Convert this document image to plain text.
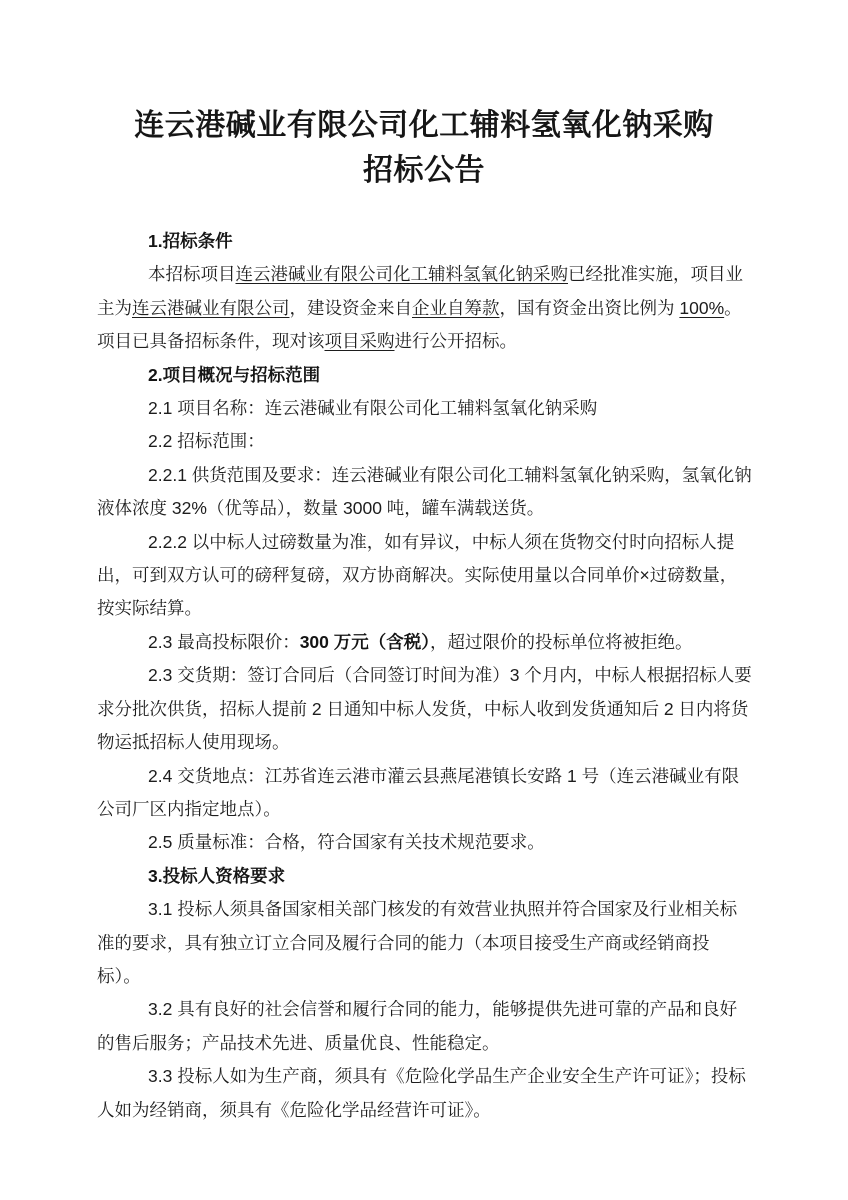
连云港碱业有限公司化工辅料氢氧化钠采购
招标公告

1.招标条件

本招标项目连云港碱业有限公司化工辅料氢氧化钠采购已经批准实施，项目业主为连云港碱业有限公司，建设资金来自企业自筹款，国有资金出资比例为 100%。项目已具备招标条件，现对该项目采购进行公开招标。

2.项目概况与招标范围

2.1 项目名称：连云港碱业有限公司化工辅料氢氧化钠采购

2.2 招标范围：

2.2.1 供货范围及要求：连云港碱业有限公司化工辅料氢氧化钠采购，氢氧化钠液体浓度 32%（优等品），数量 3000 吨，罐车满载送货。

2.2.2 以中标人过磅数量为准，如有异议，中标人须在货物交付时向招标人提出，可到双方认可的磅秤复磅，双方协商解决。实际使用量以合同单价×过磅数量，按实际结算。

2.3 最高投标限价：300 万元（含税），超过限价的投标单位将被拒绝。

2.3 交货期：签订合同后（合同签订时间为准）3 个月内，中标人根据招标人要求分批次供货，招标人提前 2 日通知中标人发货，中标人收到发货通知后 2 日内将货物运抵招标人使用现场。

2.4 交货地点：江苏省连云港市灌云县燕尾港镇长安路 1 号（连云港碱业有限公司厂区内指定地点）。

2.5 质量标准：合格，符合国家有关技术规范要求。

3.投标人资格要求

3.1 投标人须具备国家相关部门核发的有效营业执照并符合国家及行业相关标准的要求，具有独立订立合同及履行合同的能力（本项目接受生产商或经销商投标）。

3.2 具有良好的社会信誉和履行合同的能力，能够提供先进可靠的产品和良好的售后服务；产品技术先进、质量优良、性能稳定。

3.3 投标人如为生产商，须具有《危险化学品生产企业安全生产许可证》；投标人如为经销商，须具有《危险化学品经营许可证》。
